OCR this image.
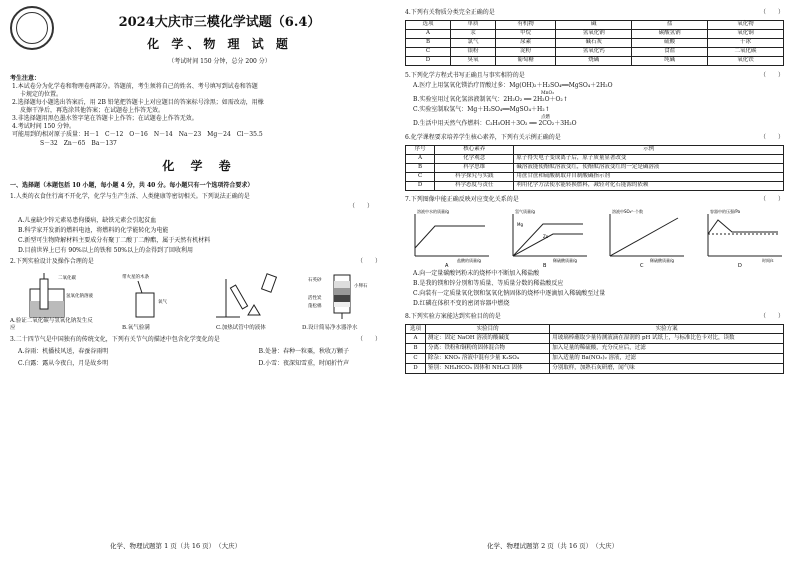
2024大庆市三模化学试题（6.4）
化 学、物 理 试 题
（考试时间 150 分钟，总分 200 分）
考生注意：
1.本试卷分为化学卷和物理卷两部分。答题前，考生须将自己的姓名、考号填写到试卷和答题
卡规定的位置。
2.选择题每小题选出答案后，用 2B 铅笔把答题卡上对应题目的答案标号涂黑；如需改动，用橡
皮擦干净后，再选涂其他答案；在试题卷上作答无效。
3.非选择题用黑色墨水签字笔在答题卡上作答；在试题卷上作答无效。
4.考试时间 150 分钟。
可能用到的相对原子质量：H－1　C－12　O－16　N－14　Na－23　Mg－24　Cl－35.5
S－32　Zn－65　Ba－137
化 学 卷
一、选择题（本题包括 10 小题，每小题 4 分，共 40 分。每小题只有一个选项符合要求）
1.人类的衣食住行离不开化学，化学与生产生活、人类健康等密切相关。下列说法正确的是
（　　）
A.儿童缺少锌元素易患佝偻病，缺铁元素会引起贫血
B.科学家开发新的燃料电池，将燃料的化学能转化为电能
C.新型可生物降解材料主要成分有聚丁二酸丁二醇酯，属于天然有机材料
D.目前世界上已有 90%以上的铁和 50%以上的金得到了回收利用
2.下列实验设计及操作合理的是	（　　）
二氧化碳
氢氧化钠溶液
A.验证二氧化碳与氢氧化钠发生反应
带火星的木条
氧气
B.氧气验满	C.加热试管中的液体
石英砂
小卵石
活性炭
蓬松棉
D.设计简易净水器净水
3.二十四节气是中国独有的传统文化，下列有关节气的描述中包含化学变化的是	（　　）
A.谷雨：机播枝风送，春蚕谷雨明	B.处暑：春种一粒粟，秋收万颗子
C.白露：露从今夜白，月是故乡明	D.小雪：夜深知雪重，时闻折竹声
化学、物理试题第 1 页（共 16 页）　（大庆）
4.下列有关物质分类完全正确的是	（　　）
选项	单质	有机物	碱	盐	氧化物
A	汞	甲烷	氢氧化钠	碳酸氢钠	氧化铜
B	氯气	尿素	碱石灰	硫酸	干冰
C	银粉	淀粉	氢氧化钙	食盐	二氧化碳
D	臭氧	葡萄糖	烧碱	纯碱	氧化铁
5.下列化学方程式书写正确且与事实相符的是	（　　）
A.医疗上用氢氧化镁治疗胃酸过多：Mg(OH)₂＋H₂SO₄══MgSO₄＋2H₂O
MnO₂
B.实验室用过氧化氢溶液制氧气：2H₂O₂ ══ 2H₂O＋O₂↑
C.实验室制取氢气：Mg＋H₂SO₄══MgSO₄＋H₂↑
点燃
D.生活中用天然气作燃料：C₂H₅OH＋3O₂ ══ 2CO₂＋3H₂O
6.化学课程要求培养学生核心素养，下列有关示例正确的是	（　　）
序号	核心素养	示例
A	化学观念	原子得失电子变成离子后，原子质量显著改变
B	科学思维	碱溶液能使酚酞溶液变红，使酚酞溶液变红的一定是碱溶液
C	科学探究与实践	用蔗甘蔗和硫酸制取并自制酸碱指示剂
D	科学态度与责任	利用化学方法使水能转换燃料，减轻对化石能源的依赖
7.下列图像中能正确反映对应变化关系的是	（　　）
溶液中水的质量/g
盐酸的质量/g
A
氢气质量/g
Mg
Zn
稀硫酸质量/g
B
溶液中SO₄²⁻个数
稀硫酸质量/g
C
容器中的压强/Pa
时间/s
D
A.向一定量碳酸钙粉末的烧杯中不断加入稀盐酸
B.是我的镁和锌分别和等质量、等质量分数的稀盐酸反应
C.向装有一定质量氧化钡和氢氧化钠固体的烧杯中逐滴加入稀硫酸至过量
D.红磷在体积不变的密闭容器中燃烧
8.下列实验方案能达到实验目的的是	（　　）
选项	实验目的	实验方案
A	测定：固定 NaOH 溶液的酸碱度	用玻璃棒蘸取少量待测液滴在湿润的 pH 试纸上，与标准比色卡对比，读数
B	分离：铁粉和铜粉的固体混合物	加入足量的稀硫酸，充分反应后，过滤
C	除杂：KNO₃ 溶液中混有少量 K₂SO₄	加入适量的 Ba(NO₃)₂ 溶液，过滤
D	鉴别：NH₄HCO₃ 固体和 NH₄Cl 固体	分别取样，加熟石灰研磨，闻气味
化学、物理试题第 2 页（共 16 页）　（大庆）
